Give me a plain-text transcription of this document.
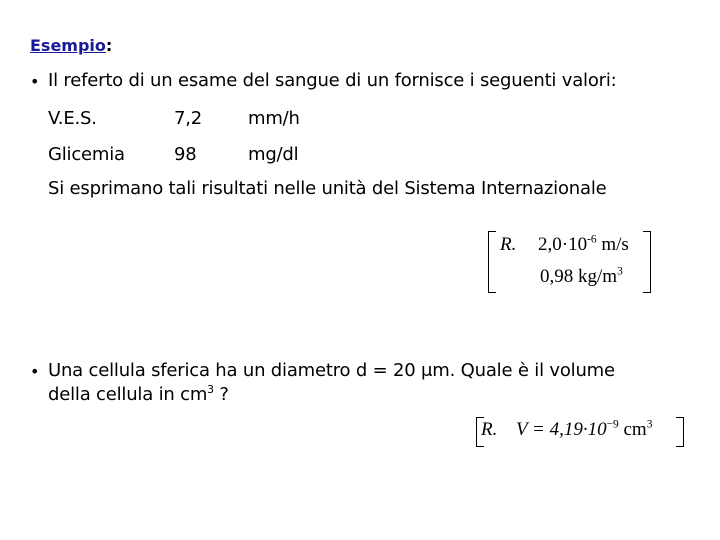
Esempio:
• Il referto di un esame del sangue di un fornisce i seguenti valori:
V.E.S.	7,2	mm/h
Glicemia	98	mg/dl
Si esprimano tali risultati nelle unità del Sistema Internazionale
R. $2,0\cdot 10^{-6}$ m/s
0,98 $kg/m^3$
• Una cellula sferica ha un diametro d = 20 μm. Quale è il volume
della cellula in $cm^3$ ?
R. $V = 4,19\cdot 10^{-9}$ $cm^3$
